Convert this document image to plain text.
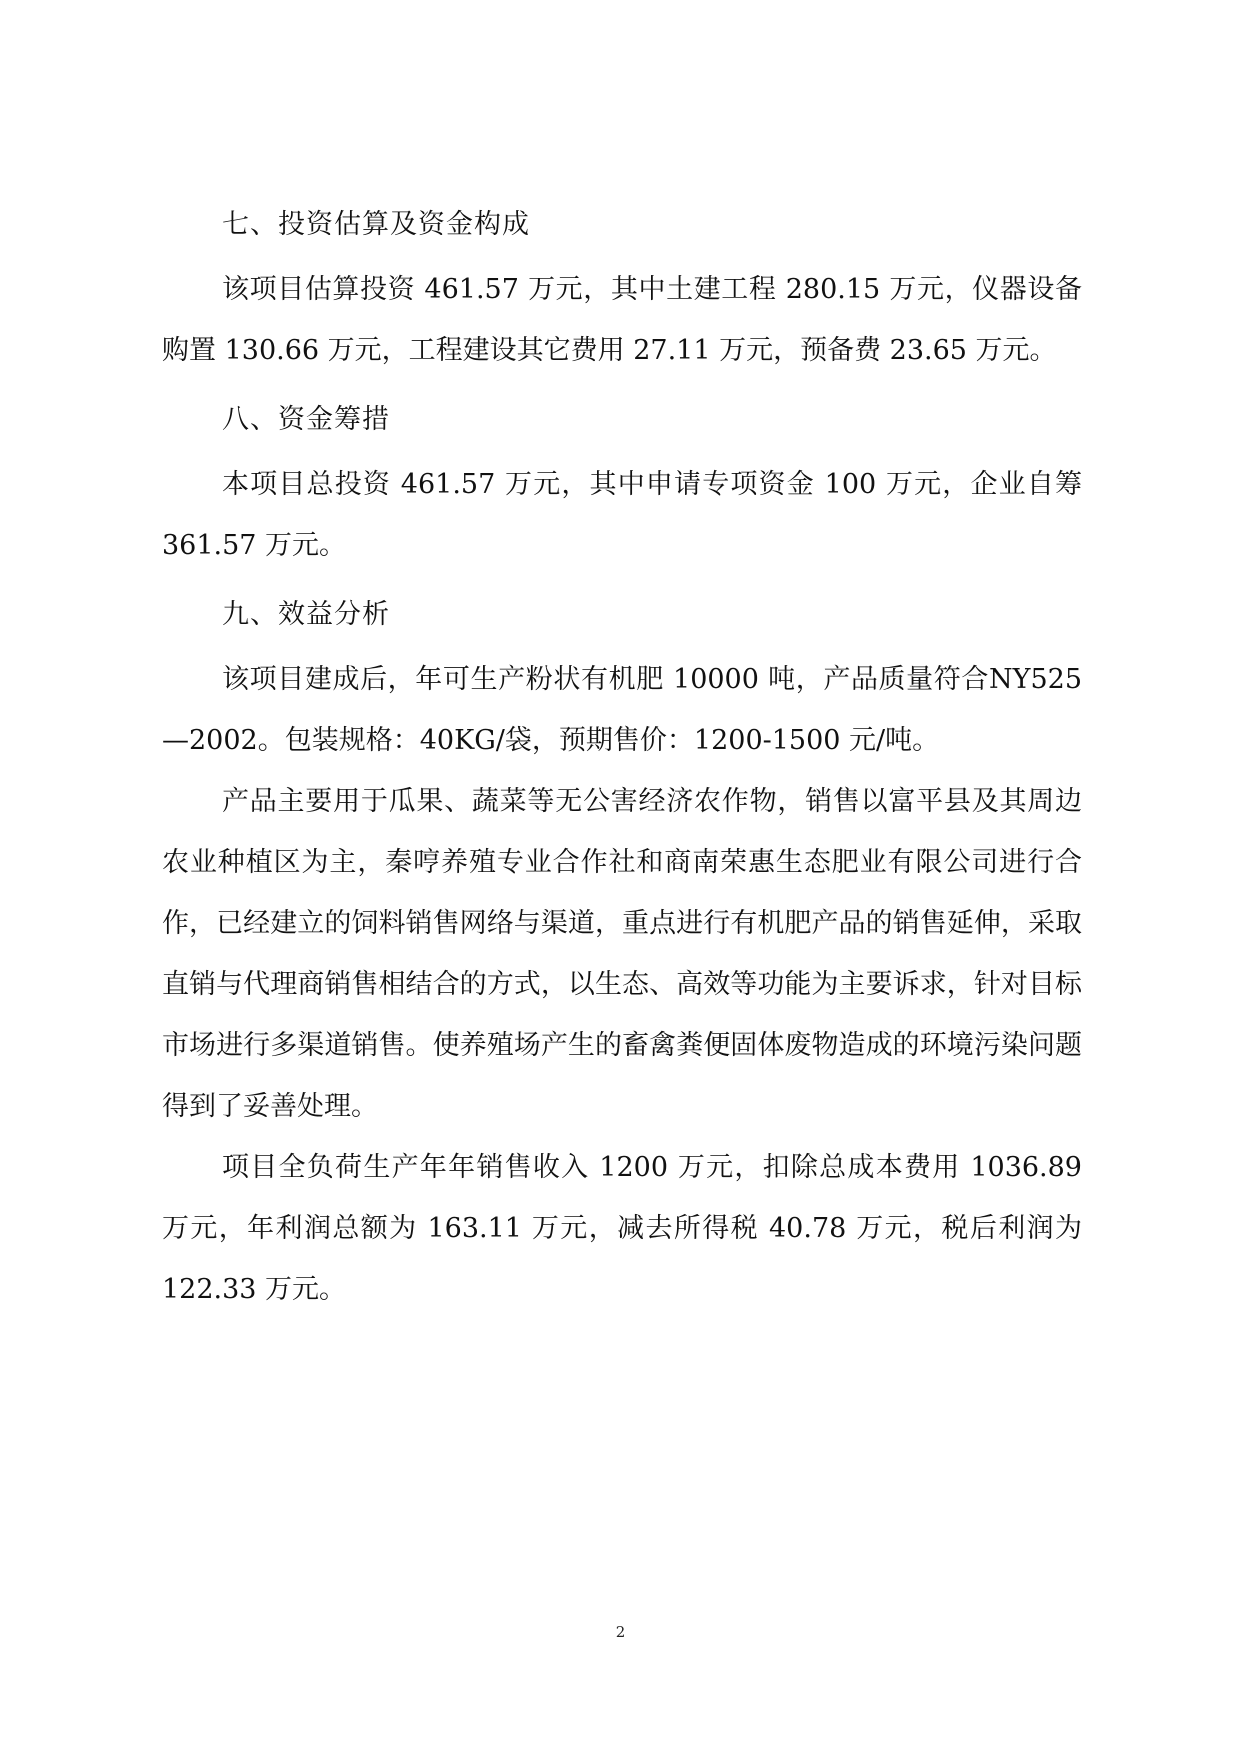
七、投资估算及资金构成

该项目估算投资 461.57 万元，其中土建工程 280.15 万元，仪器设备购置 130.66 万元，工程建设其它费用 27.11 万元，预备费 23.65 万元。

八、资金筹措

本项目总投资 461.57 万元，其中申请专项资金 100 万元，企业自筹 361.57 万元。

九、效益分析

该项目建成后，年可生产粉状有机肥 10000 吨，产品质量符合NY525—2002。包装规格：40KG/袋，预期售价：1200-1500 元/吨。

产品主要用于瓜果、蔬菜等无公害经济农作物，销售以富平县及其周边农业种植区为主，秦哼养殖专业合作社和商南荣惠生态肥业有限公司进行合作，已经建立的饲料销售网络与渠道，重点进行有机肥产品的销售延伸，采取直销与代理商销售相结合的方式，以生态、高效等功能为主要诉求，针对目标市场进行多渠道销售。使养殖场产生的畜禽粪便固体废物造成的环境污染问题得到了妥善处理。

项目全负荷生产年年销售收入 1200 万元，扣除总成本费用 1036.89 万元，年利润总额为 163.11 万元，减去所得税 40.78 万元，税后利润为 122.33 万元。

2
